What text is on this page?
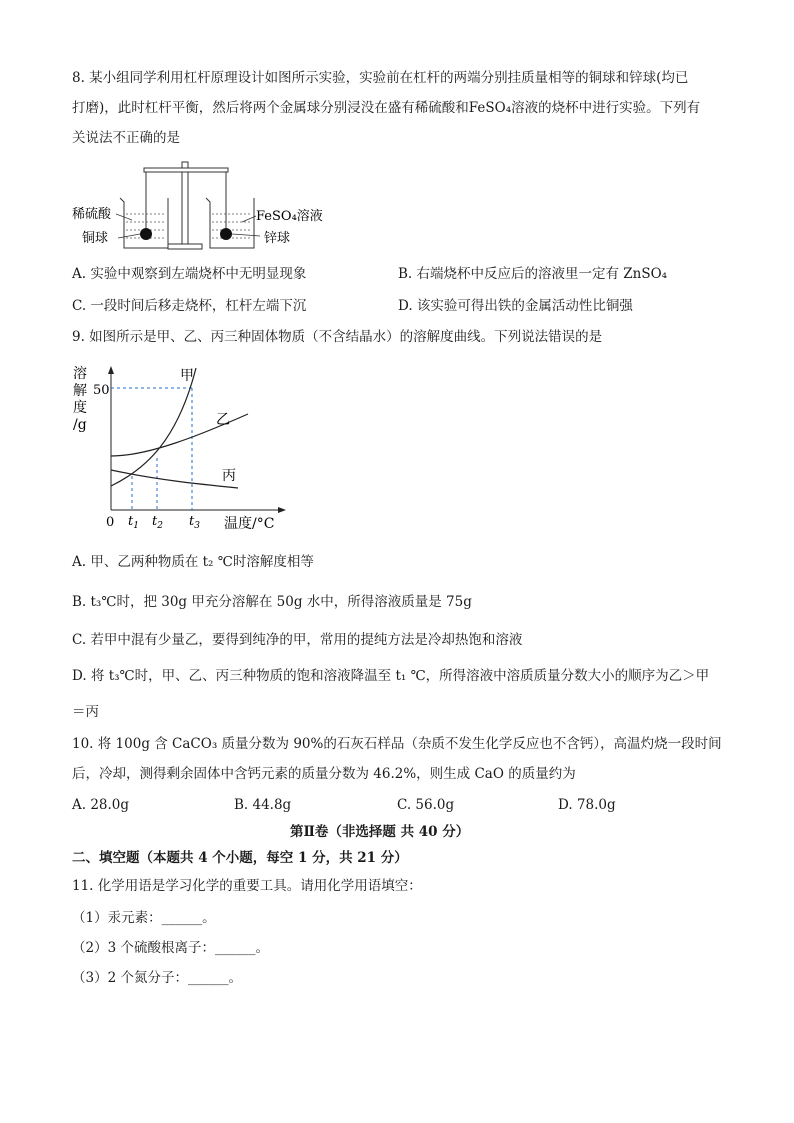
8. 某小组同学利用杠杆原理设计如图所示实验，实验前在杠杆的两端分别挂质量相等的铜球和锌球(均已
打磨)，此时杠杆平衡，然后将两个金属球分别浸没在盛有稀硫酸和FeSO₄溶液的烧杯中进行实验。下列有
关说法不正确的是
稀硫酸
铜球
FeSO₄溶液
锌球
A. 实验中观察到左端烧杯中无明显现象	B. 右端烧杯中反应后的溶液里一定有 ZnSO₄
C. 一段时间后移走烧杯，杠杆左端下沉	D. 该实验可得出铁的金属活动性比铜强
9. 如图所示是甲、乙、丙三种固体物质（不含结晶水）的溶解度曲线。下列说法错误的是
溶
解
度
/g
50
0 $t_1$ $t_2$ $t_3$ 温度/°C
甲
乙
丙
A. 甲、乙两种物质在 t₂ ℃时溶解度相等
B. t₃℃时，把 30g 甲充分溶解在 50g 水中，所得溶液质量是 75g
C. 若甲中混有少量乙，要得到纯净的甲，常用的提纯方法是冷却热饱和溶液
D. 将 t₃℃时，甲、乙、丙三种物质的饱和溶液降温至 t₁ ℃，所得溶液中溶质质量分数大小的顺序为乙＞甲
＝丙
10. 将 100g 含 CaCO₃ 质量分数为 90%的石灰石样品（杂质不发生化学反应也不含钙），高温灼烧一段时间
后，冷却，测得剩余固体中含钙元素的质量分数为 46.2%，则生成 CaO 的质量约为
A. 28.0g	B. 44.8g	C. 56.0g	D. 78.0g
第Ⅱ卷（非选择题 共 40 分）
二、填空题（本题共 4 个小题，每空 1 分，共 21 分）
11. 化学用语是学习化学的重要工具。请用化学用语填空：
（1）汞元素：______。
（2）3 个硫酸根离子：______。
（3）2 个氮分子：______。
